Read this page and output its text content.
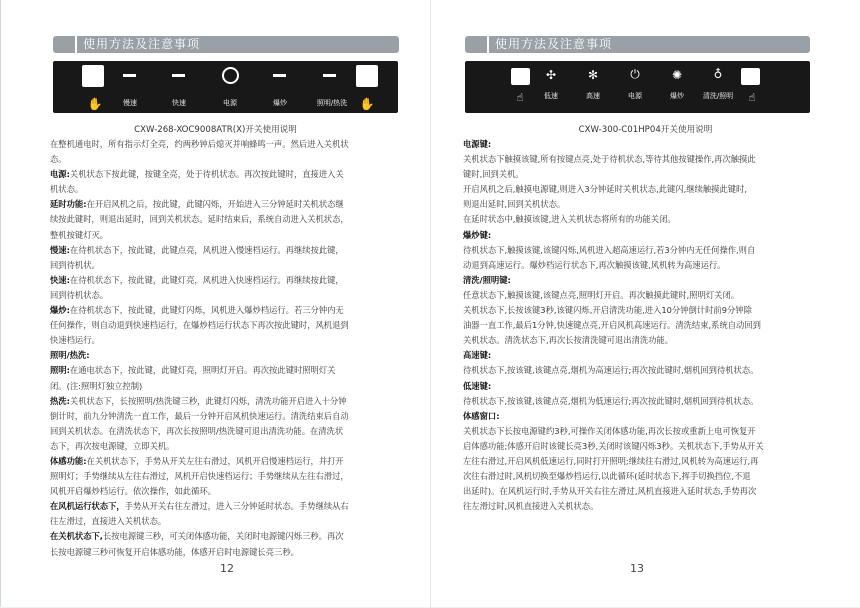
使用方法及注意事项
✋	慢速	快速	电源	爆炒	照明/热洗 ✋
CXW-268-XOC9008ATR(X)开关使用说明

在整机通电时，所有指示灯全亮，约两秒钟后熄灭并响蜂鸣一声。然后进入关机状

态。

电源:关机状态下按此键，按键全亮，处于待机状态。再次按此键时，直接进入关

机状态。

延时功能:在开启风机之后，按此键，此键闪烁，开始进入三分钟延时关机状态继

续按此键时，则退出延时，回到关机状态。延时结束后，系统自动进入关机状态，

整机按键灯灭。

慢速:在待机状态下，按此键，此键点亮，风机进入慢速档运行。再继续按此键，

回到待机状。

快速:在待机状态下，按此键，此键灯亮，风机进入快速档运行。再继续按此键，

回到待机状态。

爆炒:在待机状态下，按此键，此键灯闪烁，风机进入爆炒档运行。若三分钟内无

任何操作，则自动退到快速档运行，在爆炒档运行状态下再次按此键时，风机退到

快速档运行。

照明/热洗:

照明:在通电状态下，按此键，此键灯亮，照明灯开启。再次按此键时照明灯关

闭。(注:照明灯独立控制)

热洗:关机状态下，长按照明/热洗键三秒，此键灯闪烁，清洗功能开启进入十分钟

倒计时，前九分钟清洗一直工作，最后一分钟开启风机快速运行。清洗结束后自动

回到关机状态。在清洗状态下，再次长按照明/热洗键可退出清洗功能。在清洗状

态下，再次按电源键，立即关机。

体感功能:在关机状态下，手势从开关左往右滑过，风机开启慢速档运行，并打开

照明灯；手势继续从左往右滑过，风机开启快速档运行；手势继续从左往右滑过，

风机开启爆炒档运行。依次操作，如此循环。

在风机运行状态下，手势从开关右往左滑过，进入三分钟延时状态。手势继续从右

往左滑过，直接进入关机状态。

在关机状态下,长按电源键三秒，可关闭体感功能，关闭时电源键闪烁三秒。再次

长按电源键三秒可恢复开启体感功能，体感开启时电源键长亮三秒。

12
使用方法及注意事项
✣	✻	⏻	✺	♁
☝	低速	高速	电源	爆炒	清洗/照明 ☝
CXW-300-C01HP04开关使用说明

电源键:

关机状态下触摸该键,所有按键点亮,处于待机状态,等待其他按键操作,再次触摸此

键时,回到关机。

开启风机之后,触摸电源键,则进入3分钟延时关机状态,此键闪,继续触摸此键时,

则退出延时,回到关机状态。

在延时状态中,触摸该键,进入关机状态将所有的功能关闭。

爆炒键:

待机状态下,触摸该键,该键闪烁,风机进入超高速运行,若3分钟内无任何操作,则自

动退到高速运行。爆炒档运行状态下,再次触摸该键,风机转为高速运行。

清洗/照明键:

任意状态下,触摸该键,该键点亮,照明灯开启。再次触摸此键时,照明灯关闭。

关机状态下,长按该键3秒,该键闪烁,开启清洗功能,进入10分钟倒计时前9分钟除

油器一直工作,最后1分钟,快速键点亮,开启风机高速运行。清洗结束,系统自动回到

关机状态。清洗状态下,再次长按清洗键可退出清洗功能。

高速键:

待机状态下,按该键,该键点亮,烟机为高速运行;再次按此键时,烟机回到待机状态。

低速键:

待机状态下,按该键,该键点亮,烟机为低速运行;再次按此键时,烟机回到待机状态。

体感窗口:

关机状态下长按电源键约3秒,可操作关闭体感功能,再次长按或重新上电可恢复开

启体感功能;体感开启时该键长亮3秒,关闭时该键闪烁3秒。关机状态下,手势从开关

左往右滑过,开启风机低速运行,同时打开照明;继续往右滑过,风机转为高速运行,再

次往右滑过时,风机切换至爆炒档运行,以此循环(延时状态下,挥手切换挡位,不退

出延时)。在风机运行时,手势从开关右往左滑过,风机直接进入延时状态,手势再次

往左滑过时,风机直接进入关机状态。

13
